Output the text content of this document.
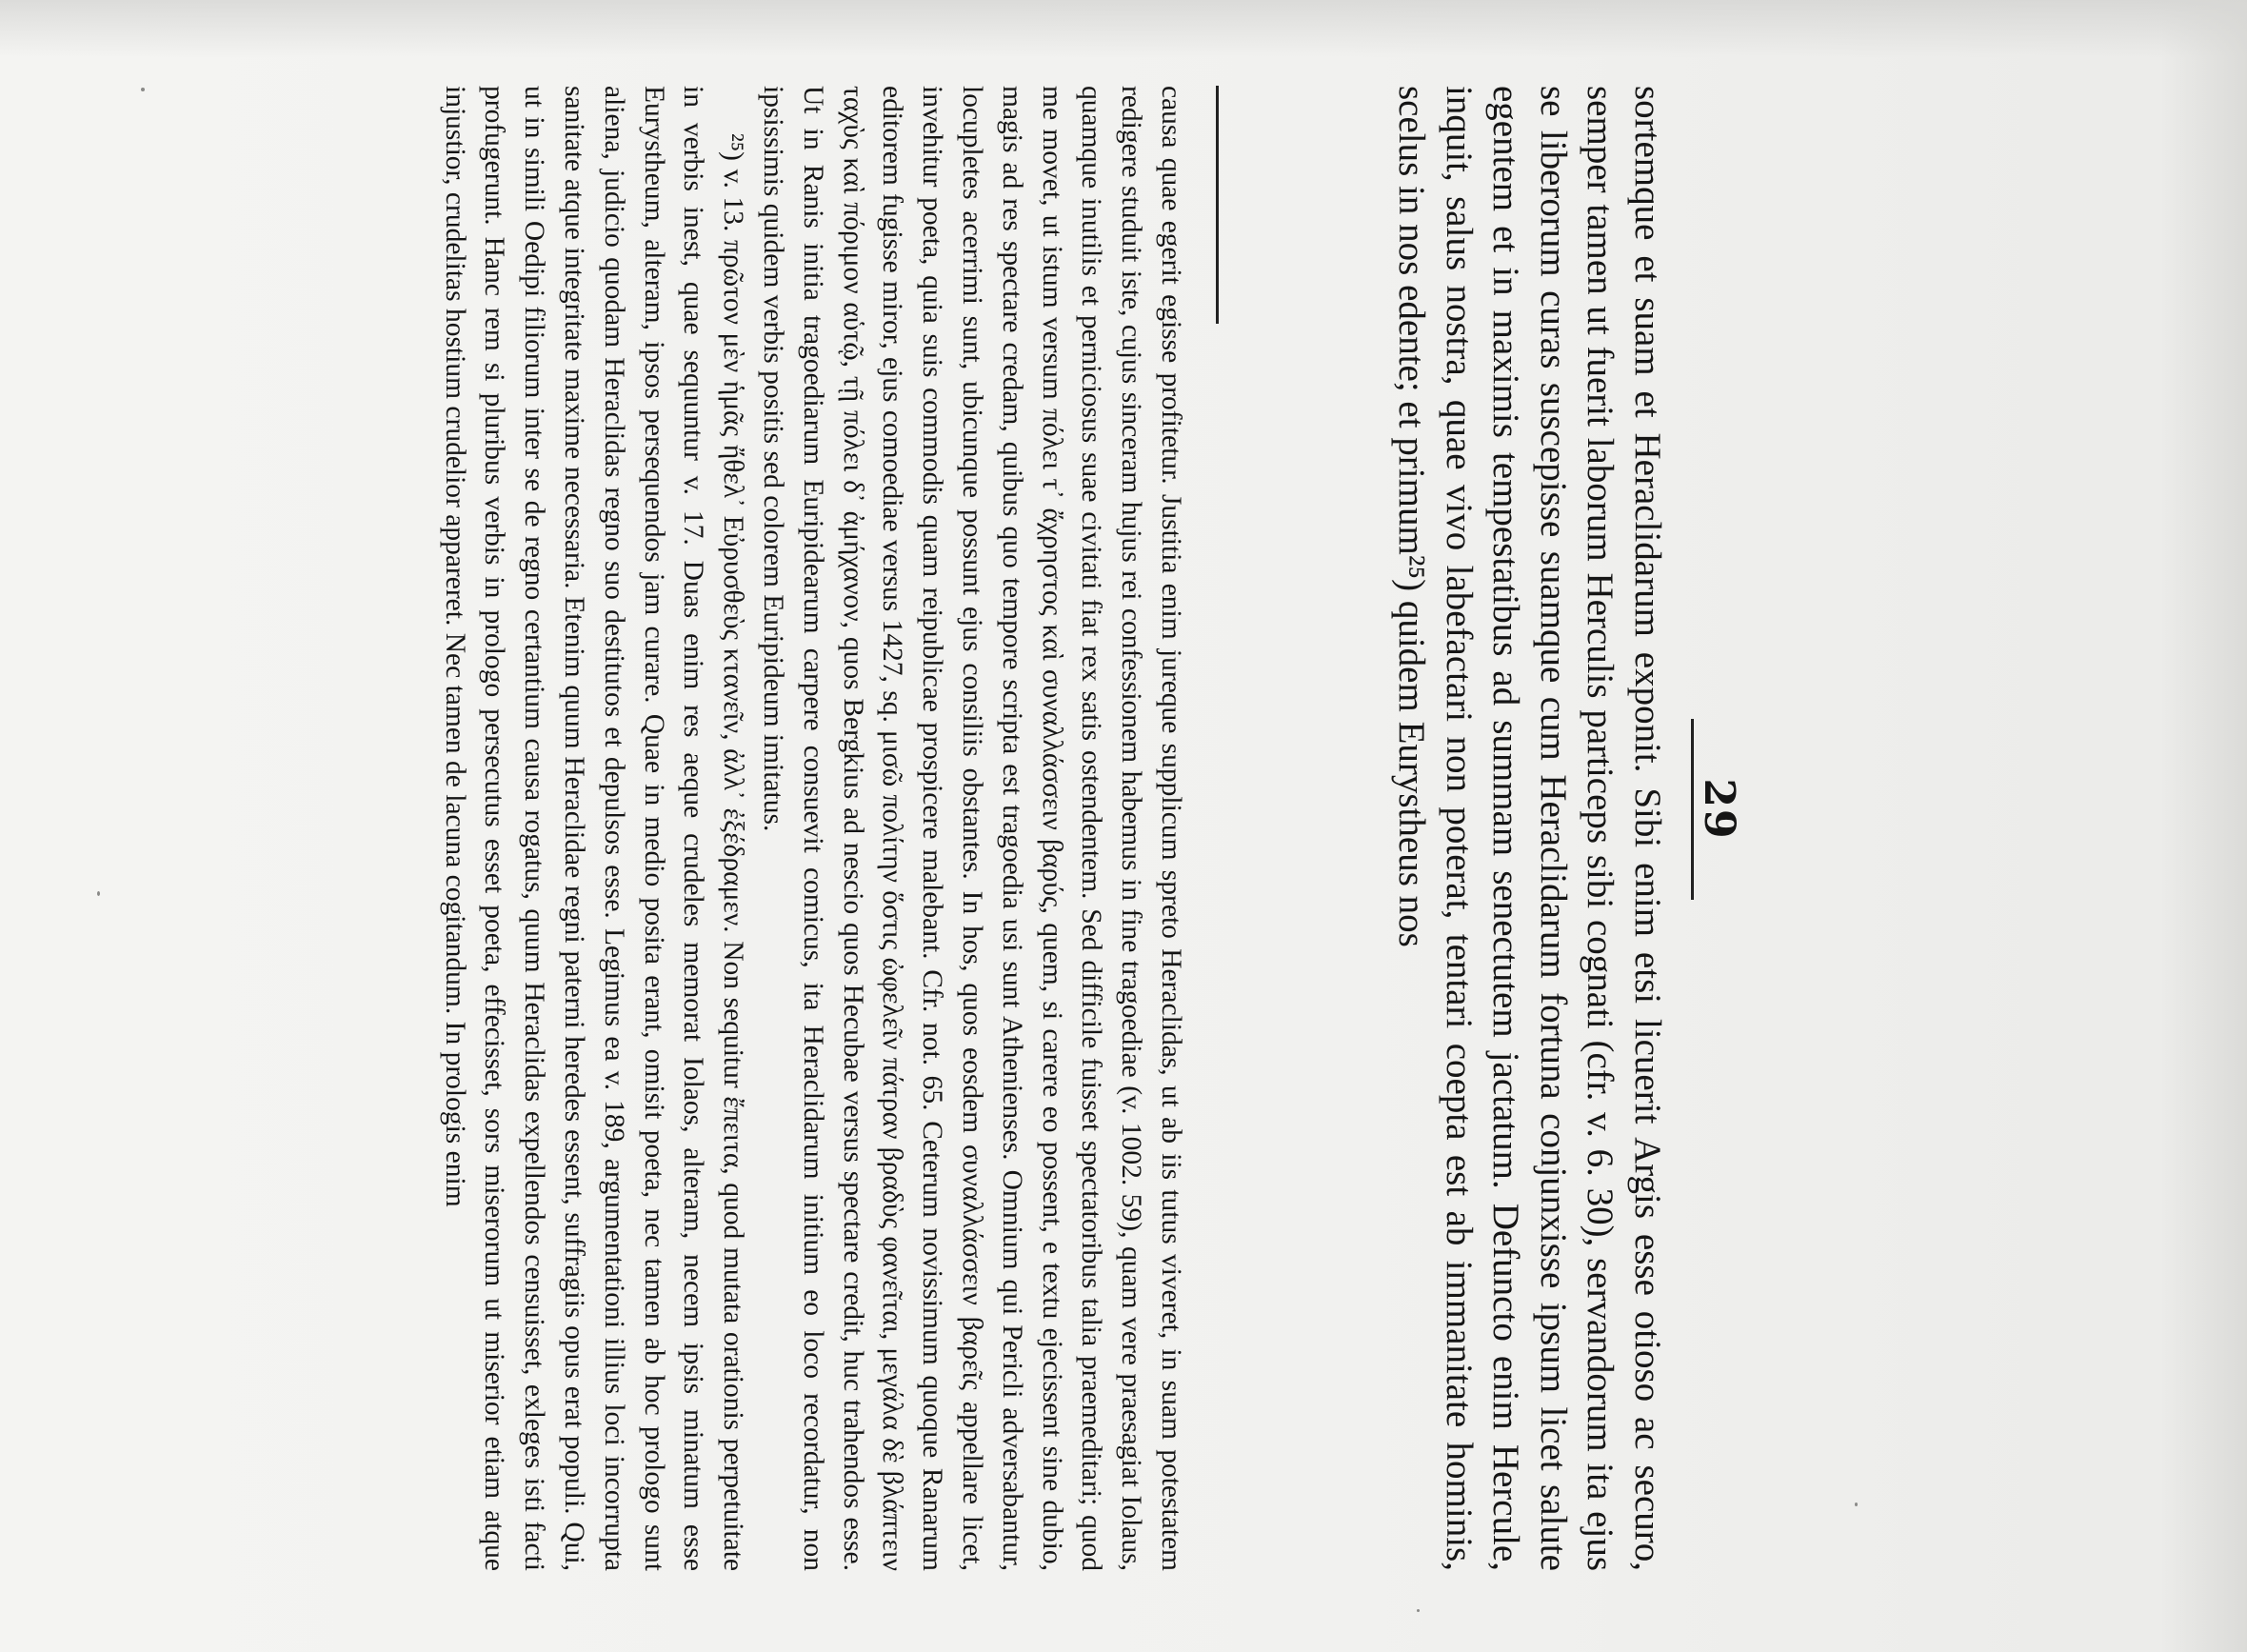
29

sortemque et suam et Heraclidarum exponit. Sibi enim etsi licuerit Argis esse otioso ac securo, semper tamen ut fuerit laborum Herculis particeps sibi cognati (cfr. v. 6. 30), servandorum ita ejus se liberorum curas suscepisse suamque cum Heraclidarum fortuna conjunxisse ipsum licet salute egentem et in maximis tempestatibus ad summam senectutem jactatum. Defuncto enim Hercule, inquit, salus nostra, quae vivo labefactari non poterat, tentari coepta est ab immanitate hominis, scelus in nos edente; et primum²⁵) quidem Eurystheus nos

causa quae egerit egisse profitetur. Justitia enim jureque supplicum spreto Heraclidas, ut ab iis tutus viveret, in suam potestatem redigere studuit iste, cujus sinceram hujus rei confessionem habemus in fine tragoediae (v. 1002. 59), quam vere praesagiat Iolaus, quamque inutilis et perniciosus suae civitati fiat rex satis ostendentem. Sed difficile fuisset spectatoribus talia praemeditari; quod me movet, ut istum versum πόλει τ᾽ ἄχρηστος καὶ συναλλάσσειν βαρύς, quem, si carere eo possent, e textu ejecissent sine dubio, magis ad res spectare credam, quibus quo tempore scripta est tragoedia usi sunt Athenienses. Omnium qui Pericli adversabantur, locupletes acerrimi sunt, ubicunque possunt ejus consiliis obstantes. In hos, quos eosdem συναλλάσσειν βαρεῖς appellare licet, invehitur poeta, quia suis commodis quam reipublicae prospicere malebant. Cfr. not. 65. Ceterum novissimum quoque Ranarum editorem fugisse miror, ejus comoediae versus 1427, sq. μισῶ πολίτην ὅστις ὠφελεῖν πάτραν βραδὺς φανεῖται, μεγάλα δὲ βλάπτειν ταχὺς καὶ πόριμον αὑτῷ, τῇ πόλει δ᾽ ἀμήχανον, quos Bergkius ad nescio quos Hecubae versus spectare credit, huc trahendos esse. Ut in Ranis initia tragoediarum Euripidearum carpere consuevit comicus, ita Heraclidarum initium eo loco recordatur, non ipsissimis quidem verbis positis sed colorem Euripideum imitatus.

²⁵) v. 13. πρῶτον μὲν ἡμᾶς ἤθελ᾽ Εὐρυσθεὺς κτανεῖν, ἀλλ᾽ ἐξέδραμεν. Non sequitur ἔπειτα, quod mutata orationis perpetuitate in verbis inest, quae sequuntur v. 17. Duas enim res aeque crudeles memorat Iolaos, alteram, necem ipsis minatum esse Eurystheum, alteram, ipsos persequendos jam curare. Quae in medio posita erant, omisit poeta, nec tamen ab hoc prologo sunt aliena, judicio quodam Heraclidas regno suo destitutos et depulsos esse. Legimus ea v. 189, argumentationi illius loci incorrupta sanitate atque integritate maxime necessaria. Etenim quum Heraclidae regni paterni heredes essent, suffragiis opus erat populi. Qui, ut in simili Oedipi filiorum inter se de regno certantium causa rogatus, quum Heraclidas expellendos censuisset, exleges isti facti profugerunt. Hanc rem si pluribus verbis in prologo persecutus esset poeta, effecisset, sors miserorum ut miserior etiam atque injustior, crudelitas hostium crudelior appareret. Nec tamen de lacuna cogitandum. In prologis enim
